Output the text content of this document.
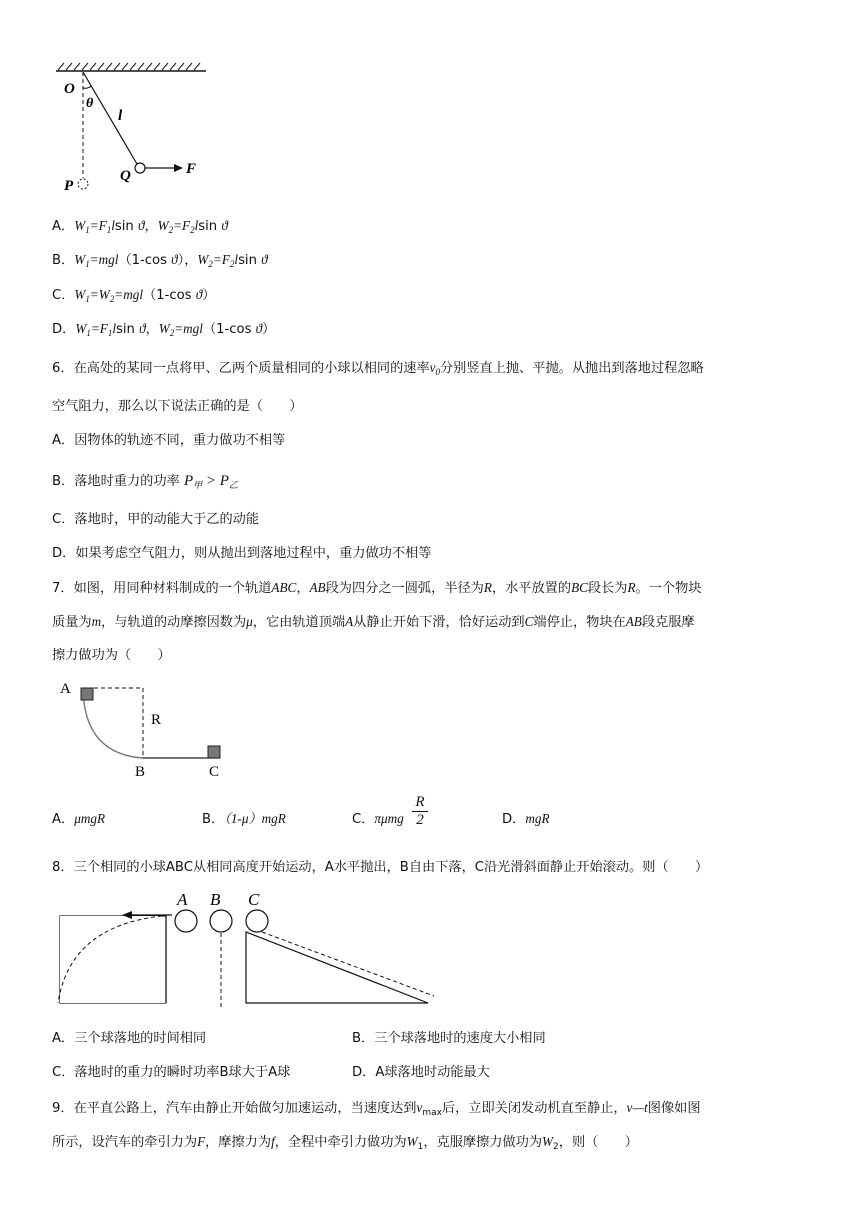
O
θ
l
Q	F
P
A．$W_1=F_1lsin$ ϑ，$W_2=F_2lsin$ ϑ
B．$W_1=mgl(1-\cos$ ϑ），$W_2=F_2lsin$ ϑ
C．$W_1=W_2=mgl(1-\cos$ ϑ）
D．$W_1=F_1lsin$ ϑ，$W_2=mgl(1-\cos$ ϑ）
6．在高处的某同一点将甲、乙两个质量相同的小球以相同的速率$v_0$分别竖直上抛、平抛。从抛出到落地过程忽略
空气阻力，那么以下说法正确的是（　　）
A．因物体的轨迹不同，重力做功不相等
B．落地时重力的功率 $P_甲 > P_乙$
C．落地时，甲的动能大于乙的动能
D．如果考虑空气阻力，则从抛出到落地过程中，重力做功不相等
7．如图，用同种材料制成的一个轨道ABC，AB段为四分之一圆弧，半径为R，水平放置的BC段长为R。一个物块
质量为m，与轨道的动摩擦因数为μ，它由轨道顶端A从静止开始下滑，恰好运动到C端停止，物块在AB段克服摩
擦力做功为（　　）
A
R
B	C
A．μmgR	B．（1-μ）mgR	C．πμmg
R
2	D．mgR
8．三个相同的小球ABC从相同高度开始运动，A水平抛出，B自由下落，C沿光滑斜面静止开始滚动。则（　　）
A B C
A．三个球落地的时间相同	B．三个球落地时的速度大小相同
C．落地时的重力的瞬时功率B球大于A球	D．A球落地时动能最大
9．在平直公路上，汽车由静止开始做匀加速运动，当速度达到$v_{max}$后，立即关闭发动机直至静止，v—t图像如图
所示，设汽车的牵引力为F，摩擦力为f，全程中牵引力做功为$W_1$，克服摩擦力做功为$W_2$，则（　　）
